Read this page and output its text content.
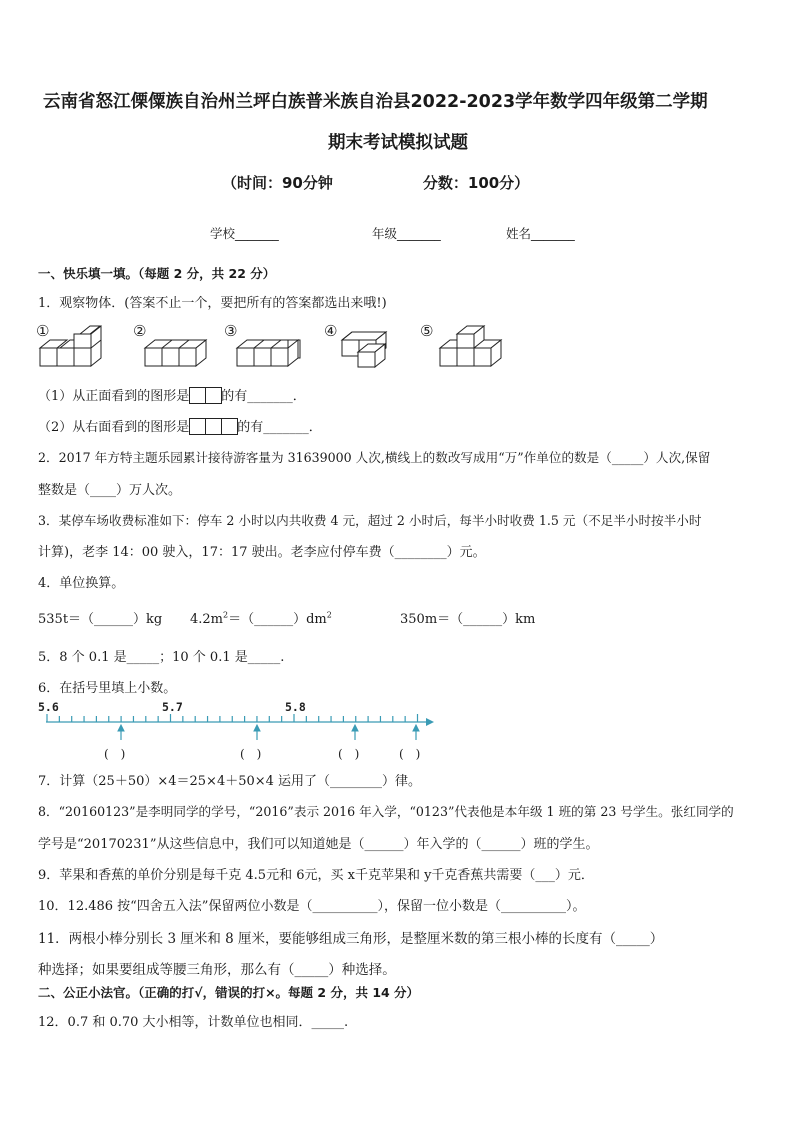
云南省怒江傈僳族自治州兰坪白族普米族自治县2022-2023学年数学四年级第二学期
期末考试模拟试题
（时间：90分钟　　　　　　分数：100分）
学校_______	年级_______	姓名_______
一、快乐填一填。（每题 2 分，共 22 分）
1．观察物体．(答案不止一个，要把所有的答案都选出来哦!)
①	②	③	④	⑤
（1）从正面看到的图形是 的有_______．
（2）从右面看到的图形是	的有_______．
2．2017 年方特主题乐园累计接待游客量为 31639000 人次,横线上的数改写成用“万”作单位的数是（_____）人次,保留
整数是（____）万人次。
3．某停车场收费标准如下：停车 2 小时以内共收费 4 元，超过 2 小时后，每半小时收费 1.5 元（不足半小时按半小时
计算)，老李 14：00 驶入，17：17 驶出。老李应付停车费（________）元。
4．单位换算。
535t＝（______）kg $4.2m^2=(\_\_\_\_\_\_)dm^2$	350m＝（______）km
5．8 个 0.1 是_____；10 个 0.1 是_____.
6．在括号里填上小数。
5.6	5.7	5.8
(　)	(　)	(　)	(　)
7．计算（25＋50）×4＝25×4＋50×4 运用了（________）律。
8．“20160123”是李明同学的学号，“2016”表示 2016 年入学，“0123”代表他是本年级 1 班的第 23 号学生。张红同学的
学号是“20170231”从这些信息中，我们可以知道她是（______）年入学的（______）班的学生。
9．苹果和香蕉的单价分别是每千克 4.5元和 6元，买 x千克苹果和 y千克香蕉共需要（___）元．
10．12.486 按“四舍五入法”保留两位小数是（__________），保留一位小数是（__________）。
11．两根小棒分别长 3 厘米和 8 厘米，要能够组成三角形，是整厘米数的第三根小棒的长度有（_____）
种选择；如果要组成等腰三角形，那么有（_____）种选择。
二、公正小法官。（正确的打√，错误的打×。每题 2 分，共 14 分）
12．0.7 和 0.70 大小相等，计数单位也相同．_____.
